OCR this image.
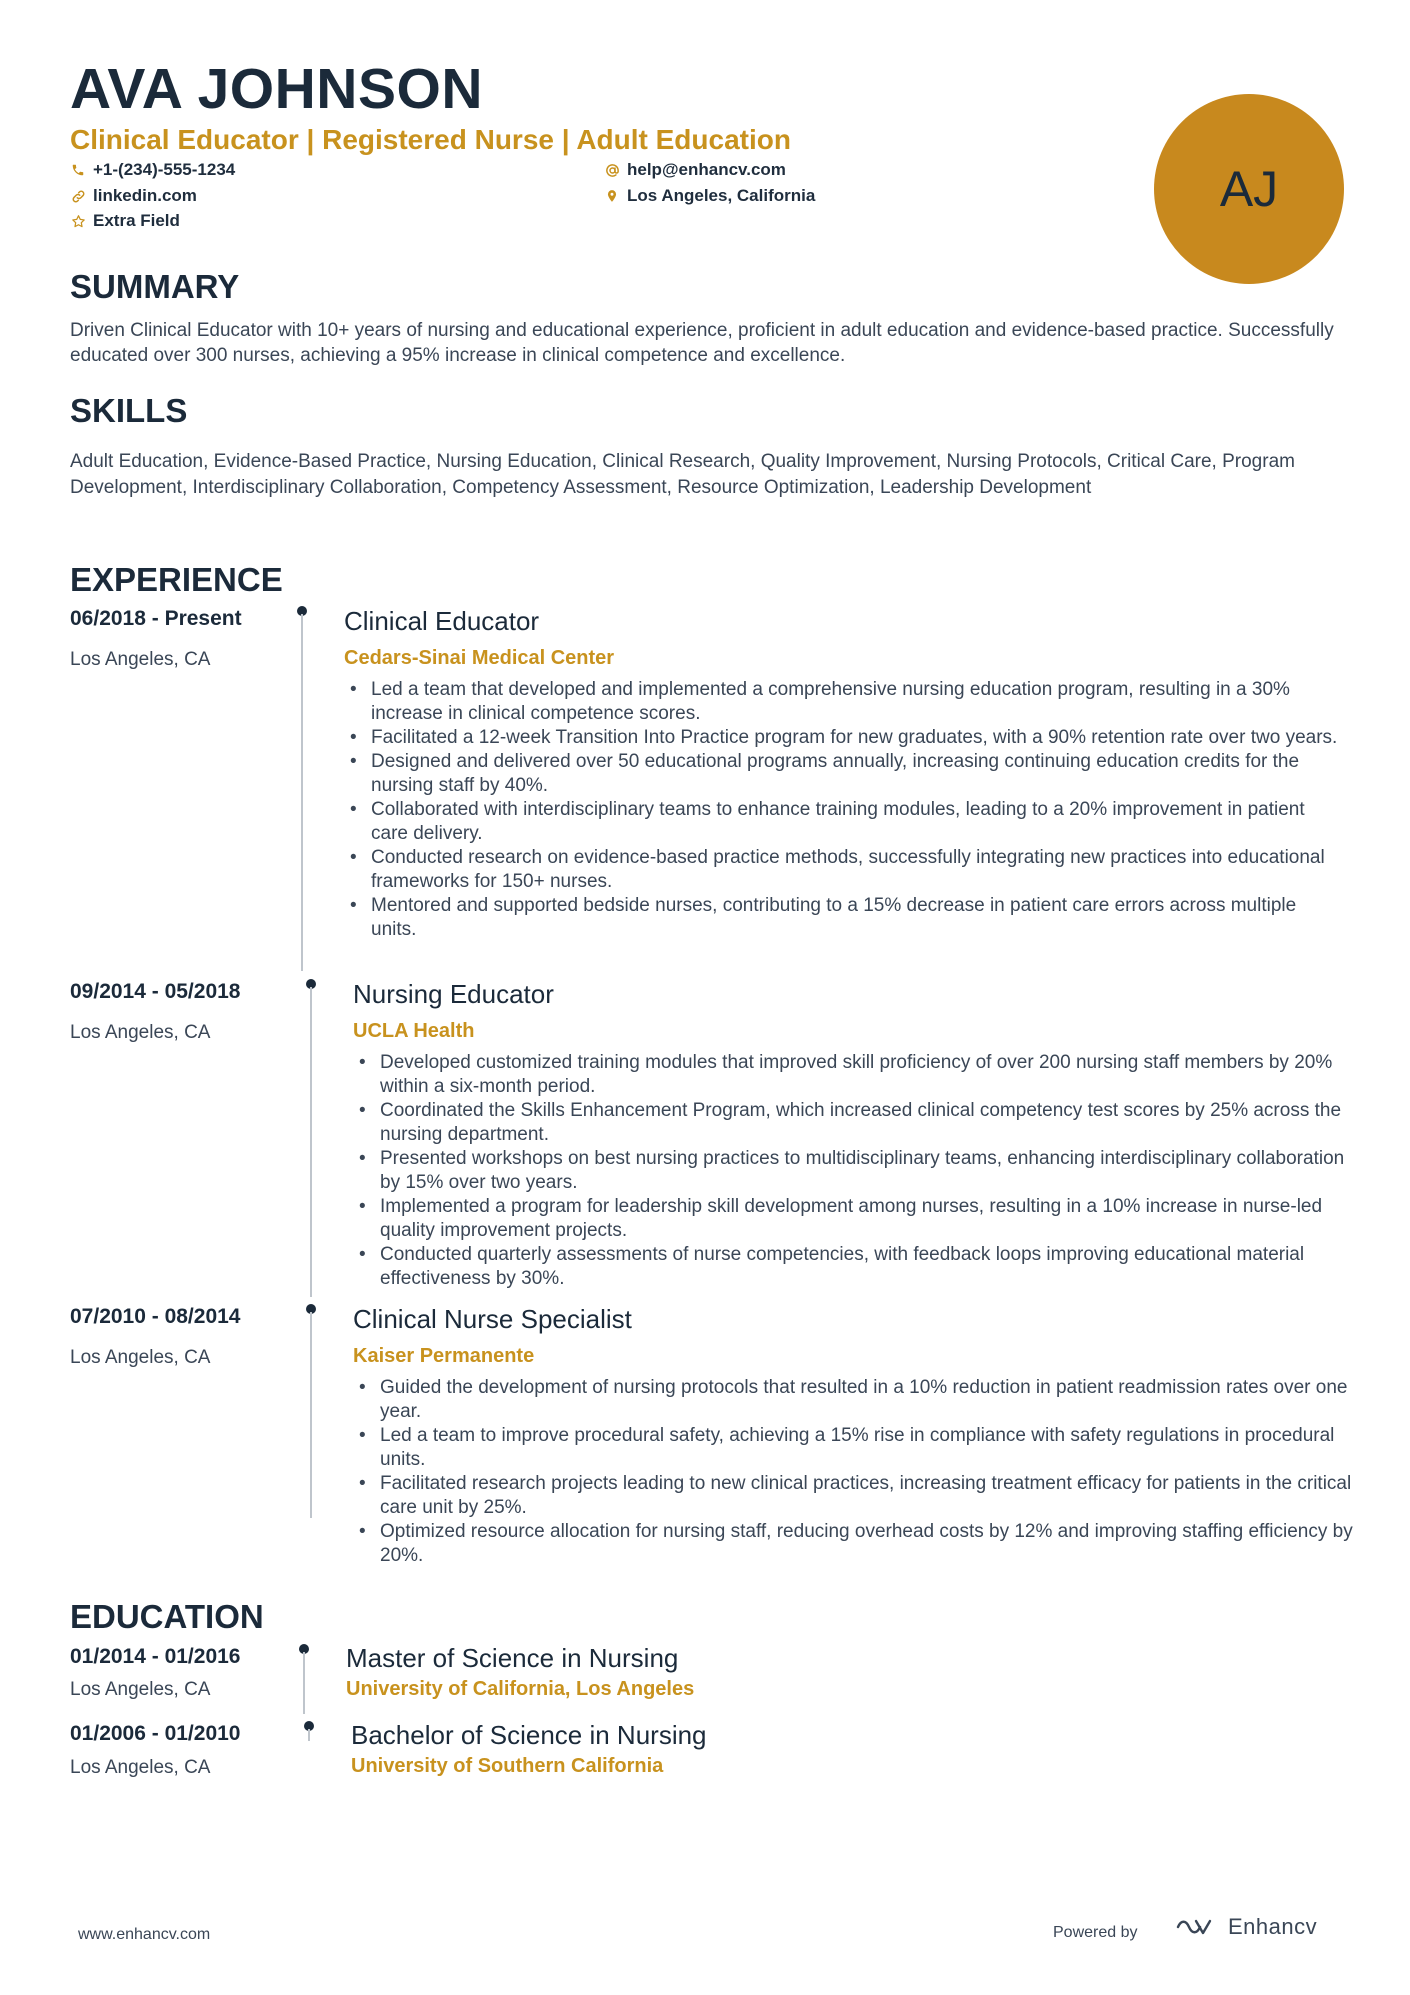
AVA JOHNSON
Clinical Educator | Registered Nurse | Adult Education
+1-(234)-555-1234
linkedin.com
Extra Field
help@enhancv.com
Los Angeles, California	AJ
SUMMARY
Driven Clinical Educator with 10+ years of nursing and educational experience, proficient in adult education and evidence-based practice. Successfully educated over 300 nurses, achieving a 95% increase in clinical competence and excellence.
SKILLS
Adult Education, Evidence-Based Practice, Nursing Education, Clinical Research, Quality Improvement, Nursing Protocols, Critical Care, Program Development, Interdisciplinary Collaboration, Competency Assessment, Resource Optimization, Leadership Development
EXPERIENCE
06/2018 - Present
Los Angeles, CA
Clinical Educator
Cedars-Sinai Medical Center
• Led a team that developed and implemented a comprehensive nursing education program, resulting in a 30% increase in clinical competence scores.
• Facilitated a 12-week Transition Into Practice program for new graduates, with a 90% retention rate over two years.
• Designed and delivered over 50 educational programs annually, increasing continuing education credits for the nursing staff by 40%.
• Collaborated with interdisciplinary teams to enhance training modules, leading to a 20% improvement in patient care delivery.
• Conducted research on evidence-based practice methods, successfully integrating new practices into educational frameworks for 150+ nurses.
• Mentored and supported bedside nurses, contributing to a 15% decrease in patient care errors across multiple units.
09/2014 - 05/2018
Los Angeles, CA
Nursing Educator
UCLA Health
• Developed customized training modules that improved skill proficiency of over 200 nursing staff members by 20% within a six-month period.
• Coordinated the Skills Enhancement Program, which increased clinical competency test scores by 25% across the nursing department.
• Presented workshops on best nursing practices to multidisciplinary teams, enhancing interdisciplinary collaboration by 15% over two years.
• Implemented a program for leadership skill development among nurses, resulting in a 10% increase in nurse-led quality improvement projects.
• Conducted quarterly assessments of nurse competencies, with feedback loops improving educational material effectiveness by 30%.
07/2010 - 08/2014
Los Angeles, CA
Clinical Nurse Specialist
Kaiser Permanente
• Guided the development of nursing protocols that resulted in a 10% reduction in patient readmission rates over one year.
• Led a team to improve procedural safety, achieving a 15% rise in compliance with safety regulations in procedural units.
• Facilitated research projects leading to new clinical practices, increasing treatment efficacy for patients in the critical care unit by 25%.
• Optimized resource allocation for nursing staff, reducing overhead costs by 12% and improving staffing efficiency by 20%.
EDUCATION
01/2014 - 01/2016
Los Angeles, CA
Master of Science in Nursing
University of California, Los Angeles
01/2006 - 01/2010
Los Angeles, CA
Bachelor of Science in Nursing
University of Southern California
www.enhancv.com	Powered by	Enhancv
